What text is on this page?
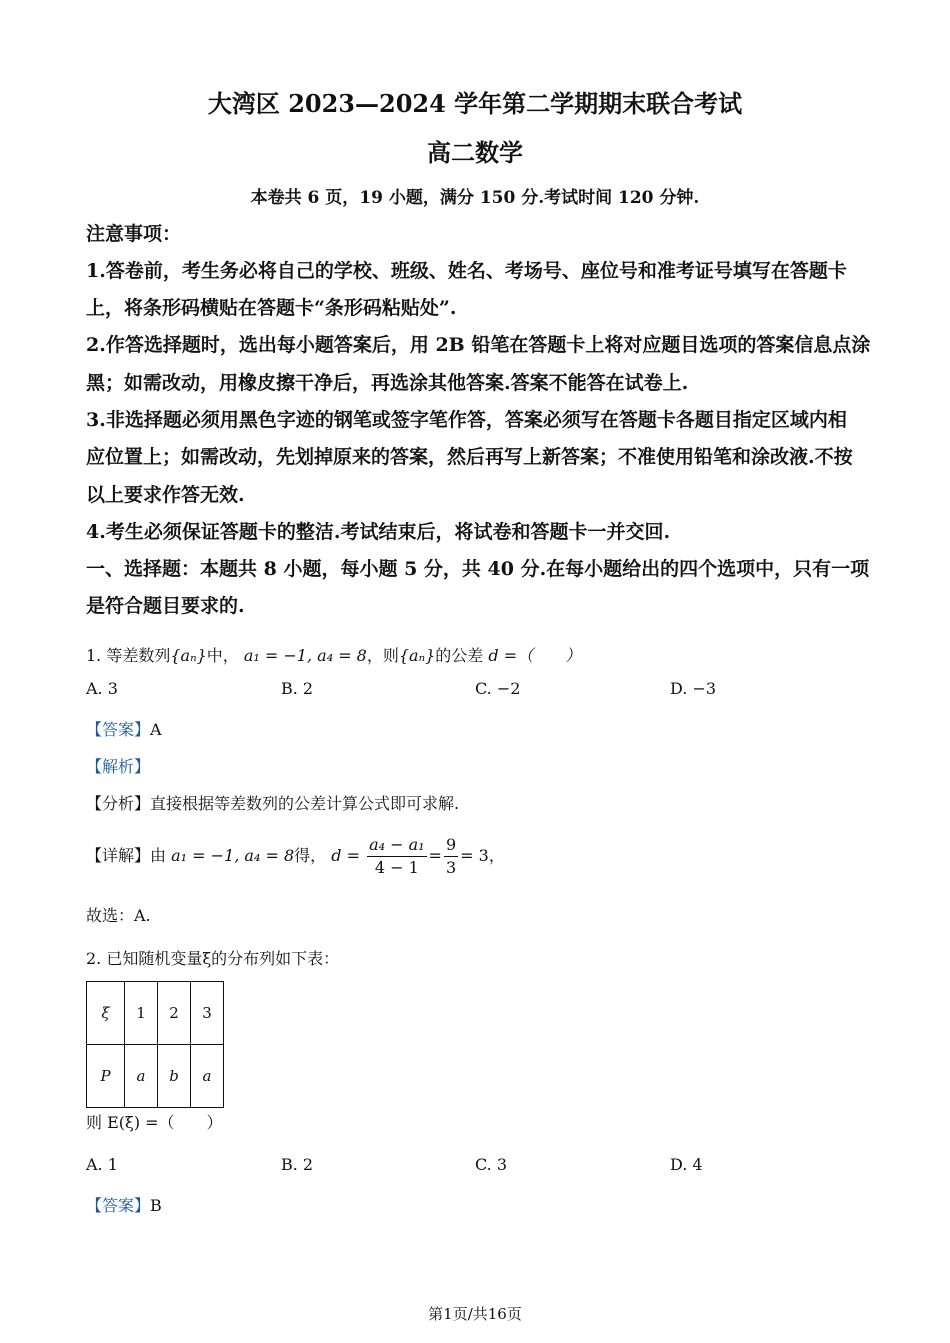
大湾区 2023—2024 学年第二学期期末联合考试
高二数学
本卷共 6 页，19 小题，满分 150 分.考试时间 120 分钟.
注意事项：
1.答卷前，考生务必将自己的学校、班级、姓名、考场号、座位号和准考证号填写在答题卡
上，将条形码横贴在答题卡“条形码粘贴处”.
2.作答选择题时，选出每小题答案后，用 2B 铅笔在答题卡上将对应题目选项的答案信息点涂
黑；如需改动，用橡皮擦干净后，再选涂其他答案.答案不能答在试卷上.
3.非选择题必须用黑色字迹的钢笔或签字笔作答，答案必须写在答题卡各题目指定区域内相
应位置上；如需改动，先划掉原来的答案，然后再写上新答案；不准使用铅笔和涂改液.不按
以上要求作答无效.
4.考生必须保证答题卡的整洁.考试结束后，将试卷和答题卡一并交回.
一、选择题：本题共 8 小题，每小题 5 分，共 40 分.在每小题给出的四个选项中，只有一项
是符合题目要求的.
1. 等差数列{aₙ}中， a₁ = −1, a₄ = 8，则{aₙ}的公差 d =（　　）
A. 3	B. 2	C. −2	D. −3
【答案】A
【解析】
【分析】直接根据等差数列的公差计算公式即可求解.
【详解】由 a₁ = −1, a₄ = 8得， $d = \frac{\text{a₄ − a₁}}{4 - 1} = \frac{9}{3} = 3$，
故选：A.
2. 已知随机变量ξ的分布列如下表：
ξ	1	2	3
P	a	b	a
则 E(ξ) =（　　）
A. 1	B. 2	C. 3	D. 4
【答案】B
第1页/共16页
